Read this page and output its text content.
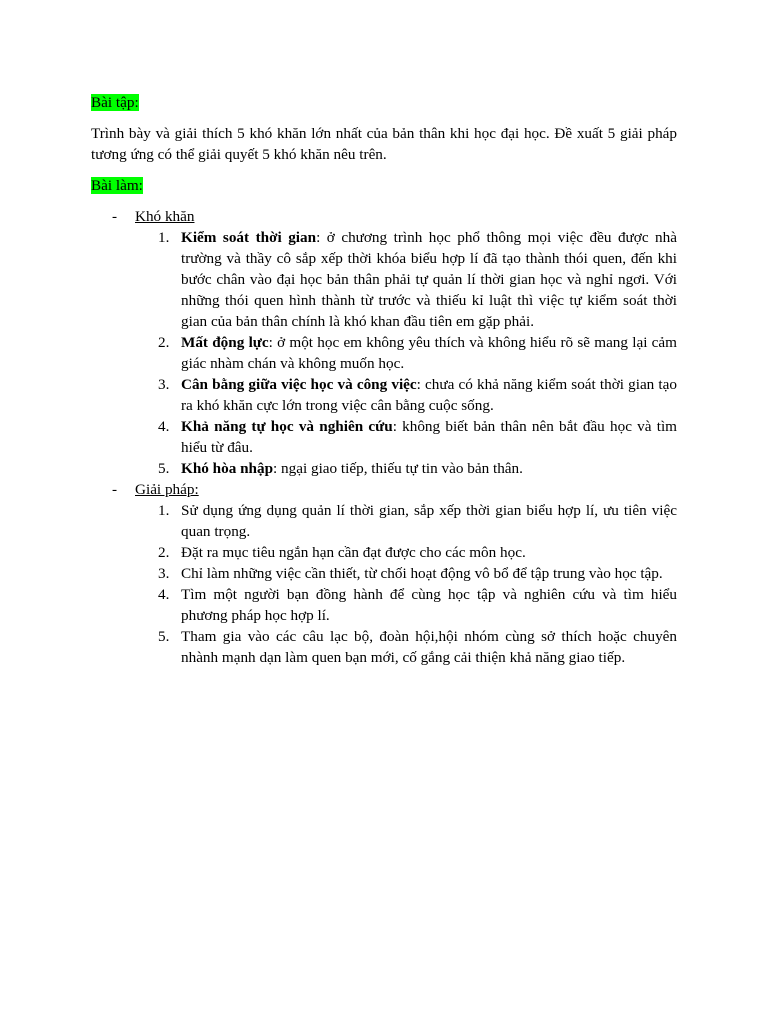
Bài tập:

Trình bày và giải thích 5 khó khăn lớn nhất của bản thân khi học đại học. Đề xuất 5 giải pháp tương ứng có thể giải quyết 5 khó khăn nêu trên.

Bài làm:

- Khó khăn
1. Kiểm soát thời gian: ở chương trình học phổ thông mọi việc đều được nhà trường và thầy cô sắp xếp thời khóa biểu hợp lí đã tạo thành thói quen, đến khi bước chân vào đại học bản thân phải tự quản lí thời gian học và nghỉ ngơi. Với những thói quen hình thành từ trước và thiếu kỉ luật thì việc tự kiểm soát thời gian của bản thân chính là khó khan đầu tiên em gặp phải.
2. Mất động lực: ở một học em không yêu thích và không hiểu rõ sẽ mang lại cảm giác nhàm chán và không muốn học.
3. Cân bằng giữa việc học và công việc: chưa có khả năng kiểm soát thời gian tạo ra khó khăn cực lớn trong việc cân bằng cuộc sống.
4. Khả năng tự học và nghiên cứu: không biết bản thân nên bắt đầu học và tìm hiểu từ đâu.
5. Khó hòa nhập: ngại giao tiếp, thiếu tự tin vào bản thân.
- Giải pháp:
1. Sử dụng ứng dụng quản lí thời gian, sắp xếp thời gian biểu hợp lí, ưu tiên việc quan trọng.
2. Đặt ra mục tiêu ngắn hạn cần đạt được cho các môn học.
3. Chỉ làm những việc cần thiết, từ chối hoạt động vô bổ để tập trung vào học tập.
4. Tìm một người bạn đồng hành để cùng học tập và nghiên cứu và tìm hiểu phương pháp học hợp lí.
5. Tham gia vào các câu lạc bộ, đoàn hội,hội nhóm cùng sở thích hoặc chuyên nhành mạnh dạn làm quen bạn mới, cố gắng cải thiện khả năng giao tiếp.
